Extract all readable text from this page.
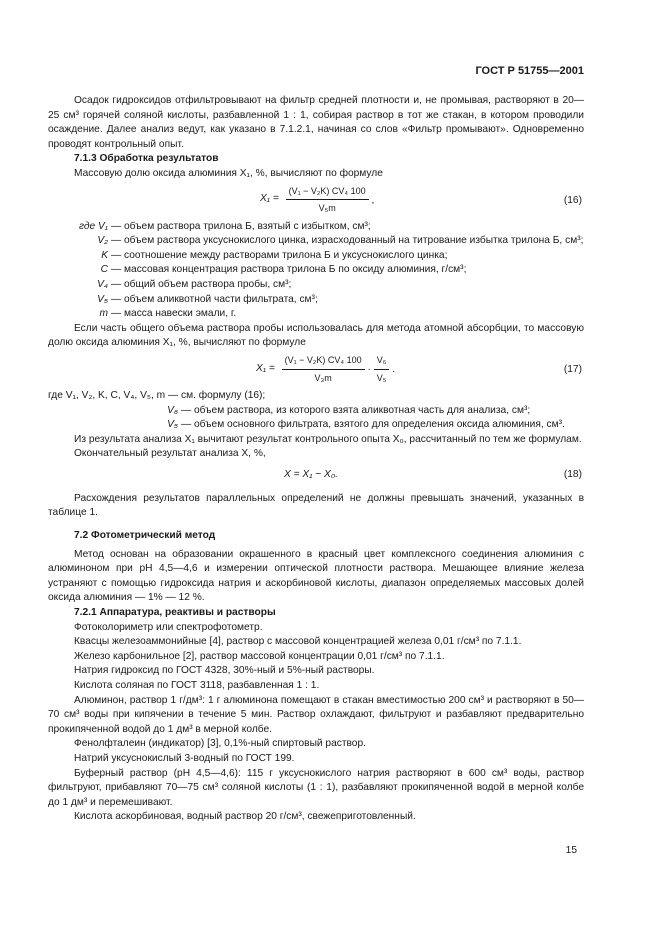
ГОСТ Р 51755—2001

Осадок гидроксидов отфильтровывают на фильтр средней плотности и, не промывая, растворяют в 20—25 см³ горячей соляной кислоты, разбавленной 1 : 1, собирая раствор в тот же стакан, в котором проводили осаждение. Далее анализ ведут, как указано в 7.1.2.1, начиная со слов «Фильтр промывают». Одновременно проводят контрольный опыт.

7.1.3 Обработка результатов

Массовую долю оксида алюминия X₁, %, вычисляют по формуле

$X_1 = \frac{\text{(V₁ − V₂K) CV₄ 100}}{\text{V₅m}}$ ,	(16)
где V₁ — объем раствора трилона Б, взятый с избытком, см³;
V₂ — объем раствора уксуснокислого цинка, израсходованный на титрование избытка трилона Б, см³;
K — соотношение между растворами трилона Б и уксуснокислого цинка;
C — массовая концентрация раствора трилона Б по оксиду алюминия, г/см³;
V₄ — общий объем раствора пробы, см³;
V₅ — объем аликвотной части фильтрата, см³;
m — масса навески эмали, г.

Если часть общего объема раствора пробы использовалась для метода атомной абсорбции, то массовую долю оксида алюминия X₁, %, вычисляют по формуле

$X_1 = \frac{\text{(V₁ − V₂K) CV₄ 100}}{\text{V₃m}} \cdot \frac{\text{V₆}}{\text{V₅}}$ .	(17)

где V₁, V₂, K, C, V₄, V₅, m — см. формулу (16);

V₆ — объем раствора, из которого взята аликвотная часть для анализа, см³;
V₅ — объем основного фильтрата, взятого для определения оксида алюминия, см³.

Из результата анализа X₁ вычитают результат контрольного опыта X₀, рассчитанный по тем же формулам.

Окончательный результат анализа X, %,

X = X₁ − X₀.	(18)

Расхождения результатов параллельных определений не должны превышать значений, указанных в таблице 1.

7.2 Фотометрический метод

Метод основан на образовании окрашенного в красный цвет комплексного соединения алюминия с алюминоном при pH 4,5—4,6 и измерении оптической плотности раствора. Мешающее влияние железа устраняют с помощью гидроксида натрия и аскорбиновой кислоты, диапазон определяемых массовых долей оксида алюминия — 1% — 12 %.

7.2.1 Аппаратура, реактивы и растворы

Фотоколориметр или спектрофотометр.

Квасцы железоаммонийные [4], раствор с массовой концентрацией железа 0,01 г/см³ по 7.1.1.

Железо карбонильное [2], раствор массовой концентрации 0,01 г/см³ по 7.1.1.

Натрия гидроксид по ГОСТ 4328, 30%-ный и 5%-ный растворы.

Кислота соляная по ГОСТ 3118, разбавленная 1 : 1.

Алюминон, раствор 1 г/дм³: 1 г алюминона помещают в стакан вместимостью 200 см³ и растворяют в 50—70 см³ воды при кипячении в течение 5 мин. Раствор охлаждают, фильтруют и разбавляют предварительно прокипяченной водой до 1 дм³ в мерной колбе.

Фенолфталеин (индикатор) [3], 0,1%-ный спиртовый раствор.

Натрий уксуснокислый 3-водный по ГОСТ 199.

Буферный раствор (pH 4,5—4,6): 115 г уксуснокислого натрия растворяют в 600 см³ воды, раствор фильтруют, прибавляют 70—75 см³ соляной кислоты (1 : 1), разбавляют прокипяченной водой в мерной колбе до 1 дм³ и перемешивают.

Кислота аскорбиновая, водный раствор 20 г/см³, свежеприготовленный.

15
